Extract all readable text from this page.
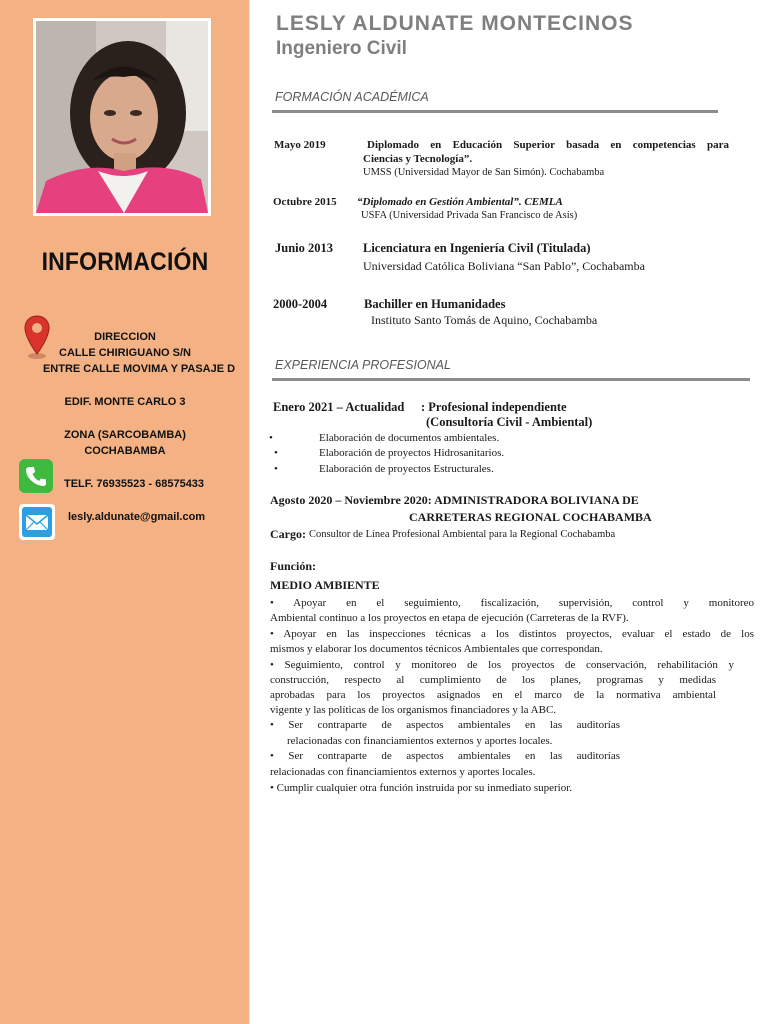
INFORMACIÓN
DIRECCION
CALLE CHIRIGUANO S/N
ENTRE CALLE MOVIMA Y PASAJE D
EDIF. MONTE CARLO 3
ZONA (SARCOBAMBA)
COCHABAMBA
TELF. 76935523 - 68575433
lesly.aldunate@gmail.com
LESLY ALDUNATE MONTECINOS
Ingeniero Civil
FORMACIÓN ACADÉMICA
Mayo 2019	Diplomado en Educación Superior basada en competencias para
Ciencias y Tecnología”.
UMSS (Universidad Mayor de San Simón). Cochabamba
Octubre 2015 “Diplomado en Gestión Ambiental”. CEMLA
USFA (Universidad Privada San Francisco de Asís)
Junio 2013 Licenciatura en Ingeniería Civil (Titulada)
Universidad Católica Boliviana “San Pablo”, Cochabamba
2000-2004	Bachiller en Humanidades
Instituto Santo Tomás de Aquino, Cochabamba
EXPERIENCIA PROFESIONAL
Enero 2021 – Actualidad : Profesional independiente
(Consultoría Civil - Ambiental)
•	Elaboración de documentos ambientales.
•	Elaboración de proyectos Hidrosanitarios.
•	Elaboración de proyectos Estructurales.
Agosto 2020 – Noviembre 2020: ADMINISTRADORA BOLIVIANA DE
CARRETERAS REGIONAL COCHABAMBA
Cargo: Consultor de Línea Profesional Ambiental para la Regional Cochabamba
Función:
MEDIO AMBIENTE
• Apoyar en el seguimiento, fiscalización, supervisión, control y monitoreo
Ambiental continuo a los proyectos en etapa de ejecución (Carreteras de la RVF).
• Apoyar en las inspecciones técnicas a los distintos proyectos, evaluar el estado de los
mismos y elaborar los documentos técnicos Ambientales que correspondan.
• Seguimiento, control y monitoreo de los proyectos de conservación, rehabilitación y
construcción, respecto al cumplimiento de los planes, programas y medidas
aprobadas para los proyectos asignados en el marco de la normativa ambiental
vigente y las políticas de los organismos financiadores y la ABC.
• Ser contraparte de aspectos ambientales en las auditorías
relacionadas con financiamientos externos y aportes locales.
• Ser contraparte de aspectos ambientales en las auditorías
relacionadas con financiamientos externos y aportes locales.
• Cumplir cualquier otra función instruida por su inmediato superior.
